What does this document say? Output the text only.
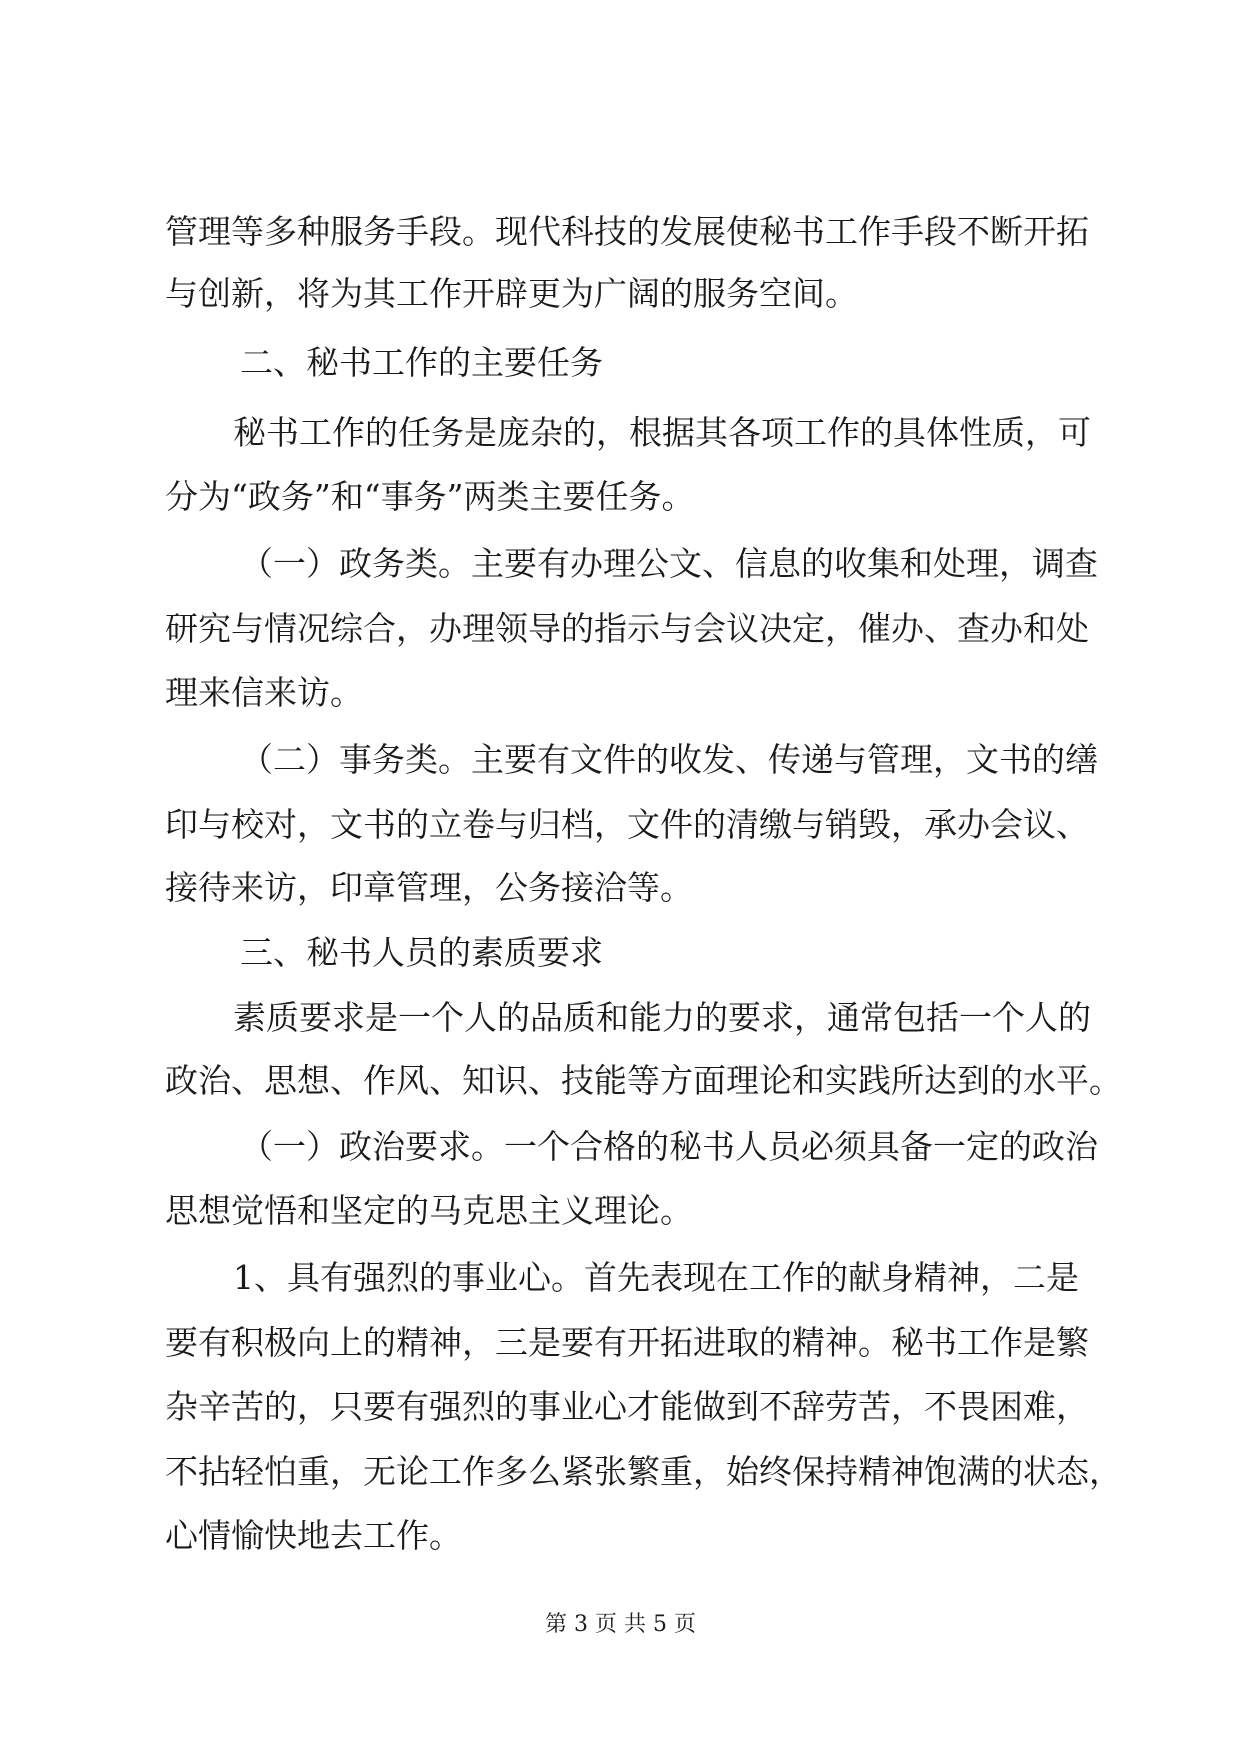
管理等多种服务手段。现代科技的发展使秘书工作手段不断开拓
与创新，将为其工作开辟更为广阔的服务空间。
二、秘书工作的主要任务
秘书工作的任务是庞杂的，根据其各项工作的具体性质，可
分为“政务”和“事务”两类主要任务。
（一）政务类。主要有办理公文、信息的收集和处理，调查
研究与情况综合，办理领导的指示与会议决定，催办、查办和处
理来信来访。
（二）事务类。主要有文件的收发、传递与管理，文书的缮
印与校对，文书的立卷与归档，文件的清缴与销毁，承办会议、
接待来访，印章管理，公务接洽等。
三、秘书人员的素质要求
素质要求是一个人的品质和能力的要求，通常包括一个人的
政治、思想、作风、知识、技能等方面理论和实践所达到的水平。
（一）政治要求。一个合格的秘书人员必须具备一定的政治
思想觉悟和坚定的马克思主义理论。
1、具有强烈的事业心。首先表现在工作的献身精神，二是
要有积极向上的精神，三是要有开拓进取的精神。秘书工作是繁
杂辛苦的，只要有强烈的事业心才能做到不辞劳苦，不畏困难，
不拈轻怕重，无论工作多么紧张繁重，始终保持精神饱满的状态，
心情愉快地去工作。
第 3 页 共 5 页
